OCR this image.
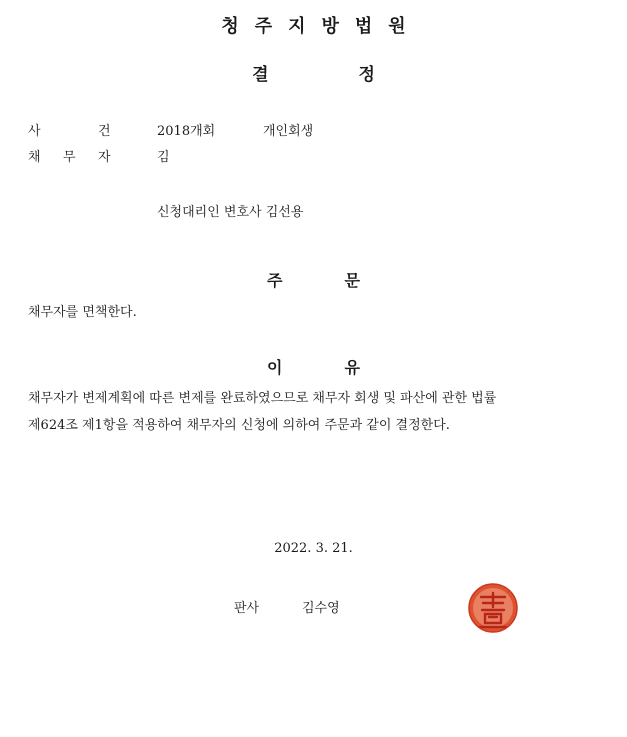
청주지방법원
결정
사	건	2018개회	개인회생
채 무 자	김
신청대리인 변호사 김선용
주문
채무자를 면책한다.
이유
채무자가 변제계획에 따른 변제를 완료하였으므로 채무자 회생 및 파산에 관한 법률
제624조 제1항을 적용하여 채무자의 신청에 의하여 주문과 같이 결정한다.
2022. 3. 21.
판사	김수영
